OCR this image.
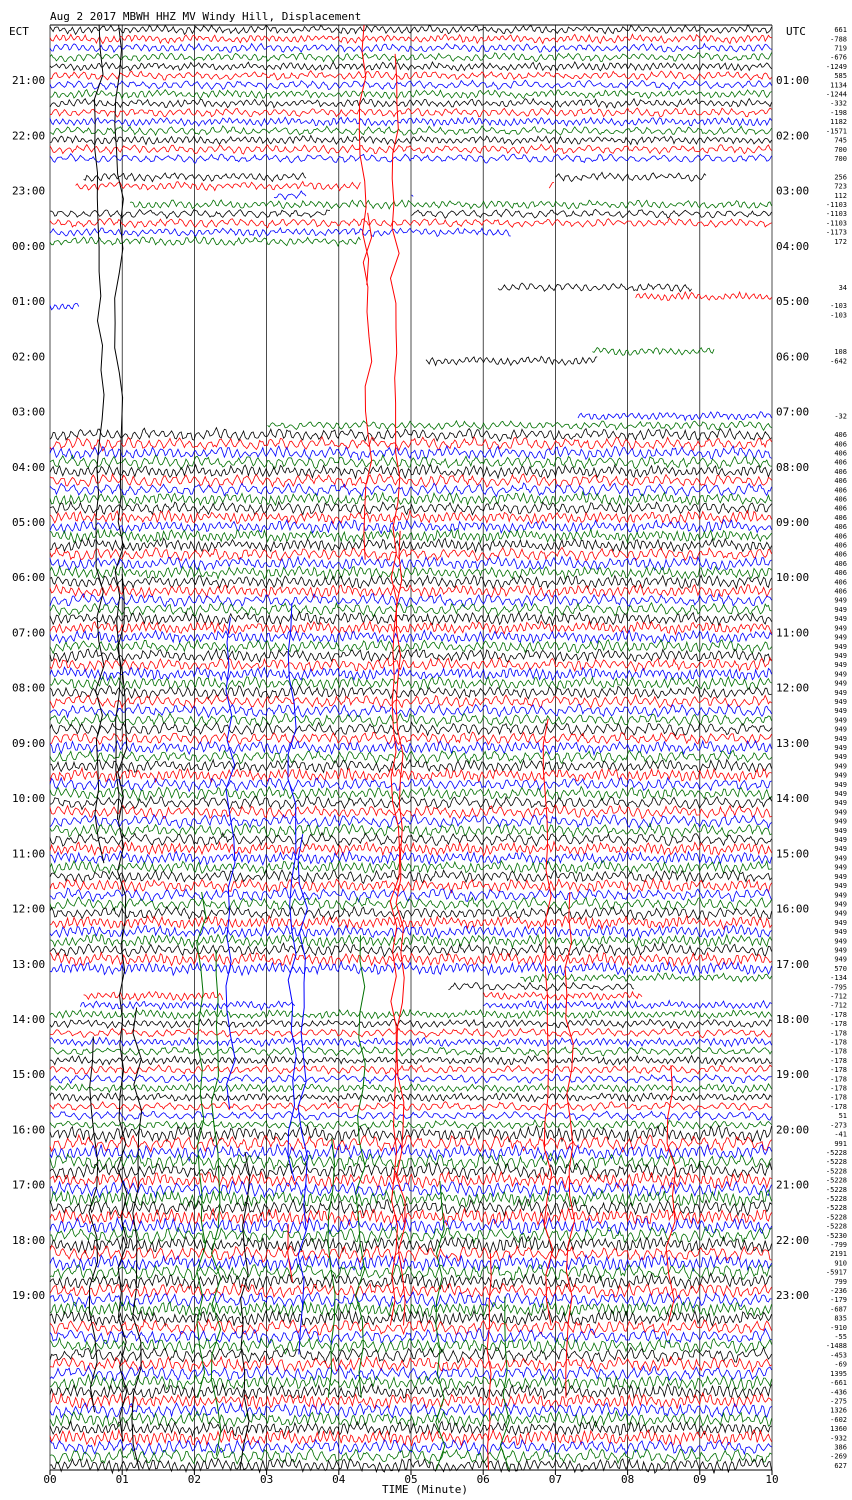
Aug 2 2017 MBWH HHZ MV Windy Hill, Displacement
ECT	UTC
21:00
22:00
23:00
00:00
01:00
02:00
03:00
04:00
05:00
06:00
07:00
08:00
09:00
10:00
11:00
12:00
13:00
14:00
15:00
16:00
17:00
18:00
19:00
01:00
02:00
03:00
04:00
05:00
06:00
07:00
08:00
09:00
10:00
11:00
12:00
13:00
14:00
15:00
16:00
17:00
18:00
19:00
20:00
21:00
22:00
23:00
661
-788
719
-676
-1249
585
1134
-1244
-332
-198
1182
-1571
745
700
700
256
723
112
-1103
-1103
-1103
-1173
172
34
-103
-103
108
-642
-32
406
406
406
406
406
406
406
406
406
406
406
406
406
406
406
406
406
406
949
949
949
949
949
949
949
949
949
949
949
949
949
949
949
949
949
949
949
949
949
949
949
949
949
949
949
949
949
949
949
949
949
949
949
949
949
949
949
949
570
-134
-795
-712
-712
-178
-178
-178
-178
-178
-178
-178
-178
-178
-178
-178
51
-273
-41
991
-5228
-5228
-5228
-5228
-5228
-5228
-5228
-5228
-5228
-5230
-799
2191
910
-5917
799
-236
-179
-687
835
-910
-55
-1488
-453
-69
1395
-661
-436
-275
1326
-602
1360
-932
386
-269
627
00	01	02	03	04	05	06	07	08	09	10
TIME (Minute)
